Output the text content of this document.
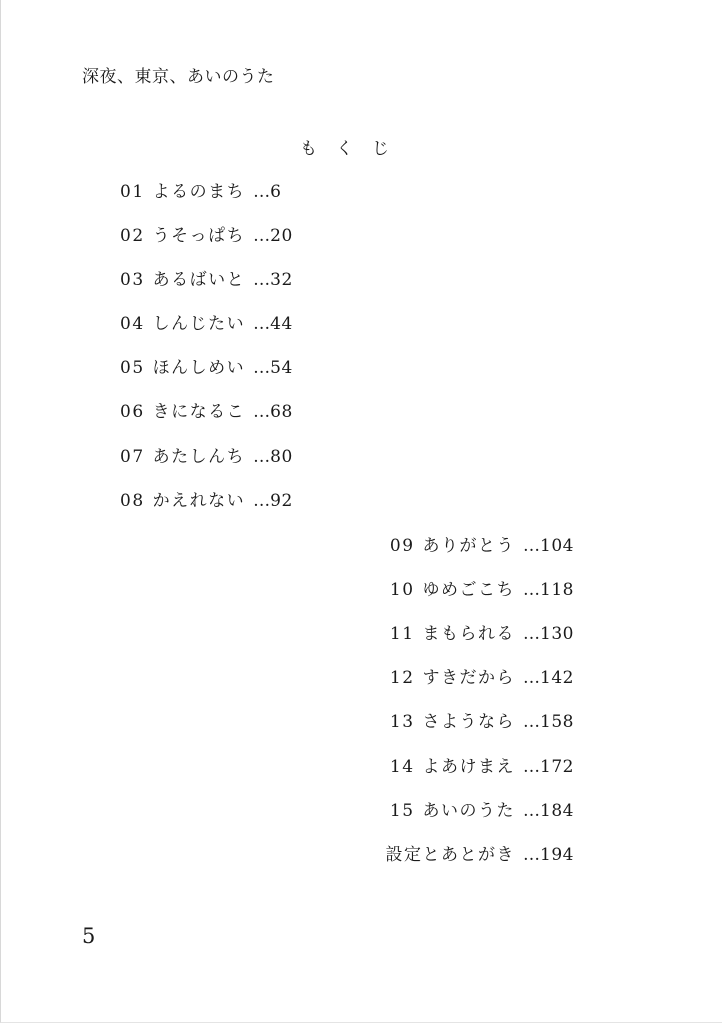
深夜、東京、あいのうた
もくじ
01 よるのまち …6
02 うそっぱち …20
03 あるばいと …32
04 しんじたい …44
05 ほんしめい …54
06 きになるこ …68
07 あたしんち …80
08 かえれない …92
09 ありがとう …104
10 ゆめごこち …118
11 まもられる …130
12 すきだから …142
13 さようなら …158
14 よあけまえ …172
15 あいのうた …184
設定とあとがき …194
5
